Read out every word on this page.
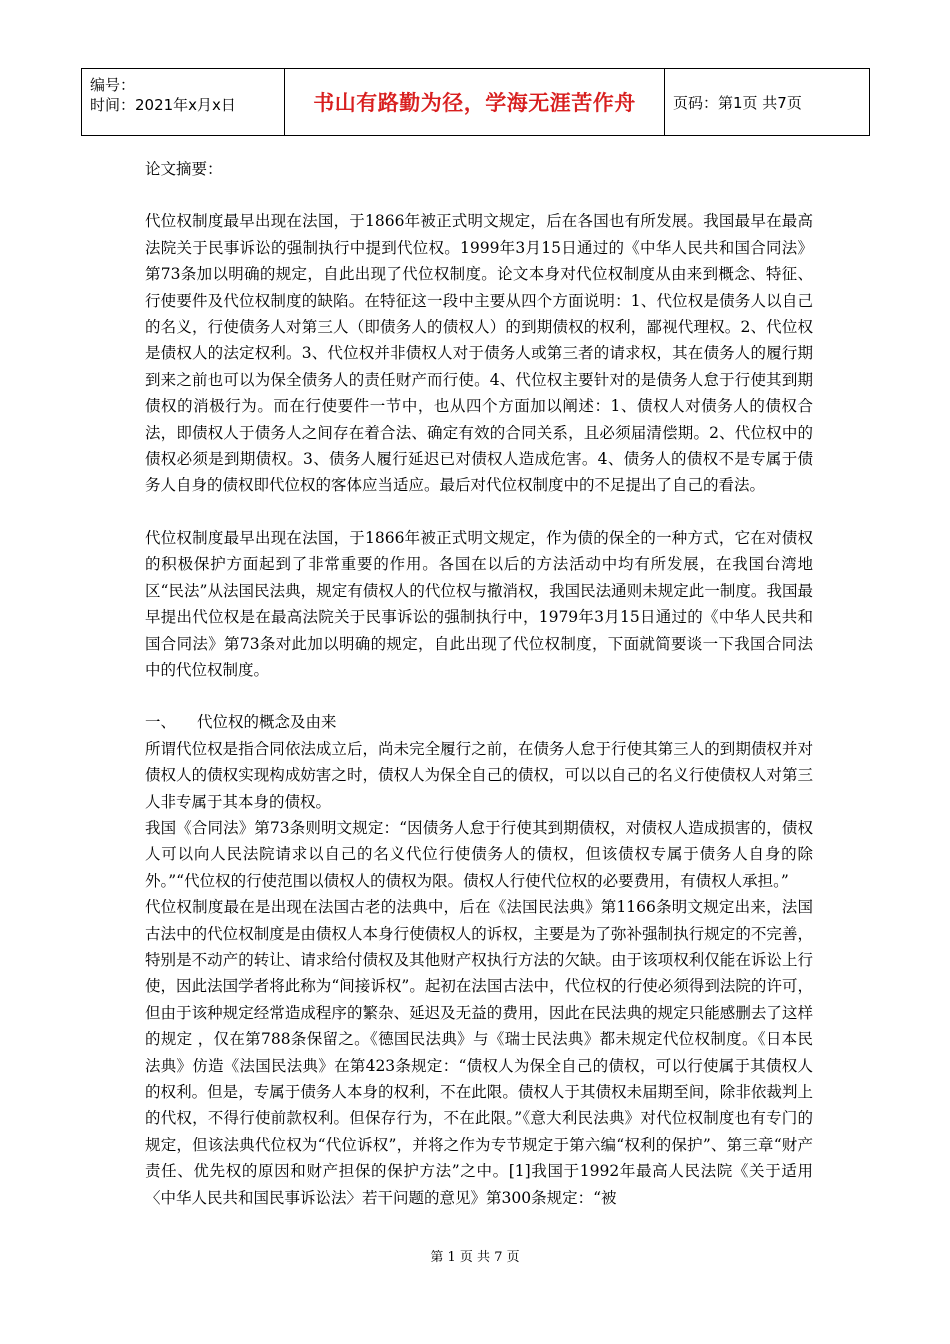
编号：
时间：2021年x月x日	书山有路勤为径，学海无涯苦作舟	页码：第1页 共7页

论文摘要：

代位权制度最早出现在法国，于1866年被正式明文规定，后在各国也有所发展。我国最早在最高法院关于民事诉讼的强制执行中提到代位权。1999年3月15日通过的《中华人民共和国合同法》第73条加以明确的规定，自此出现了代位权制度。论文本身对代位权制度从由来到概念、特征、行使要件及代位权制度的缺陷。在特征这一段中主要从四个方面说明：1、代位权是债务人以自己的名义，行使债务人对第三人（即债务人的债权人）的到期债权的权利，鄙视代理权。2、代位权是债权人的法定权利。3、代位权并非债权人对于债务人或第三者的请求权，其在债务人的履行期到来之前也可以为保全债务人的责任财产而行使。4、代位权主要针对的是债务人怠于行使其到期债权的消极行为。而在行使要件一节中，也从四个方面加以阐述：1、债权人对债务人的债权合法，即债权人于债务人之间存在着合法、确定有效的合同关系，且必须届清偿期。2、代位权中的债权必须是到期债权。3、债务人履行延迟已对债权人造成危害。4、债务人的债权不是专属于债务人自身的债权即代位权的客体应当适应。最后对代位权制度中的不足提出了自己的看法。

代位权制度最早出现在法国，于1866年被正式明文规定，作为债的保全的一种方式，它在对债权的积极保护方面起到了非常重要的作用。各国在以后的方法活动中均有所发展，在我国台湾地区“民法”从法国民法典，规定有债权人的代位权与撤消权，我国民法通则未规定此一制度。我国最早提出代位权是在最高法院关于民事诉讼的强制执行中，1979年3月15日通过的《中华人民共和国合同法》第73条对此加以明确的规定，自此出现了代位权制度，下面就简要谈一下我国合同法中的代位权制度。

一、	代位权的概念及由来

所谓代位权是指合同依法成立后，尚未完全履行之前，在债务人怠于行使其第三人的到期债权并对债权人的债权实现构成妨害之时，债权人为保全自己的债权，可以以自己的名义行使债权人对第三人非专属于其本身的债权。

我国《合同法》第73条则明文规定：“因债务人怠于行使其到期债权，对债权人造成损害的，债权人可以向人民法院请求以自己的名义代位行使债务人的债权，但该债权专属于债务人自身的除外。”“代位权的行使范围以债权人的债权为限。债权人行使代位权的必要费用，有债权人承担。”

代位权制度最在是出现在法国古老的法典中，后在《法国民法典》第1166条明文规定出来，法国古法中的代位权制度是由债权人本身行使债权人的诉权，主要是为了弥补强制执行规定的不完善，特别是不动产的转让、请求给付债权及其他财产权执行方法的欠缺。由于该项权利仅能在诉讼上行使，因此法国学者将此称为“间接诉权”。起初在法国古法中，代位权的行使必须得到法院的许可，但由于该种规定经常造成程序的繁杂、延迟及无益的费用，因此在民法典的规定只能感删去了这样的规定 ，仅在第788条保留之。《德国民法典》与《瑞士民法典》都未规定代位权制度。《日本民法典》仿造《法国民法典》在第423条规定：“债权人为保全自己的债权，可以行使属于其债权人的权利。但是，专属于债务人本身的权利，不在此限。债权人于其债权未届期至间，除非依裁判上的代权，不得行使前款权利。但保存行为，不在此限。”《意大利民法典》对代位权制度也有专门的规定，但该法典代位权为“代位诉权”，并将之作为专节规定于第六编“权利的保护”、第三章“财产责任、优先权的原因和财产担保的保护方法”之中。[1]我国于1992年最高人民法院《关于适用〈中华人民共和国民事诉讼法〉若干问题的意见》第300条规定：“被

第 1 页 共 7 页
